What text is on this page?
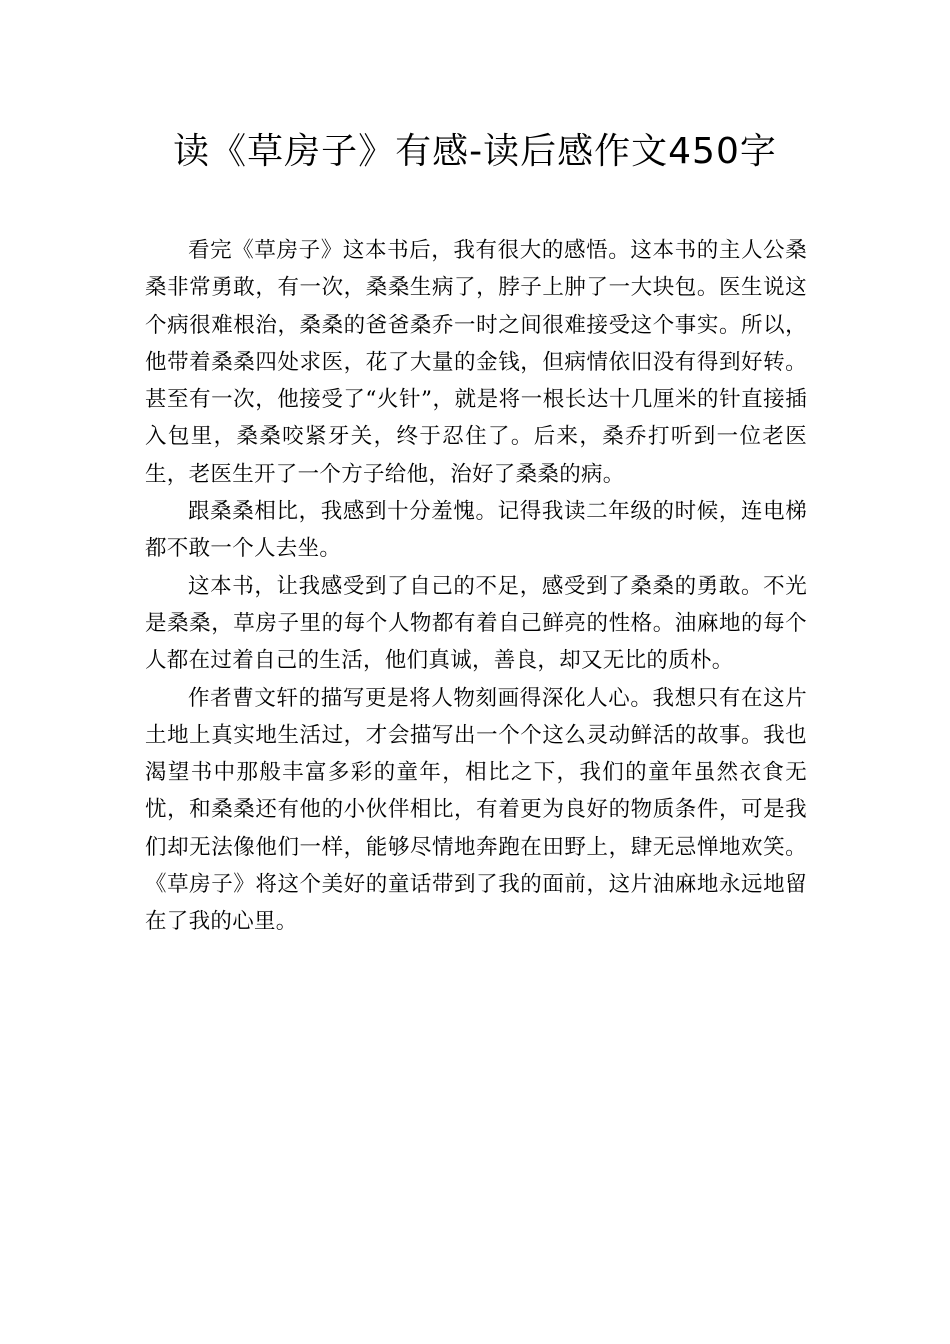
读《草房子》有感-读后感作文450字

看完《草房子》这本书后，我有很大的感悟。这本书的主人公桑桑非常勇敢，有一次，桑桑生病了，脖子上肿了一大块包。医生说这个病很难根治，桑桑的爸爸桑乔一时之间很难接受这个事实。所以，他带着桑桑四处求医，花了大量的金钱，但病情依旧没有得到好转。甚至有一次，他接受了“火针”，就是将一根长达十几厘米的针直接插入包里，桑桑咬紧牙关，终于忍住了。后来，桑乔打听到一位老医生，老医生开了一个方子给他，治好了桑桑的病。

跟桑桑相比，我感到十分羞愧。记得我读二年级的时候，连电梯都不敢一个人去坐。

这本书，让我感受到了自己的不足，感受到了桑桑的勇敢。不光是桑桑，草房子里的每个人物都有着自己鲜亮的性格。油麻地的每个人都在过着自己的生活，他们真诚，善良，却又无比的质朴。

作者曹文轩的描写更是将人物刻画得深化人心。我想只有在这片土地上真实地生活过，才会描写出一个个这么灵动鲜活的故事。我也渴望书中那般丰富多彩的童年，相比之下，我们的童年虽然衣食无忧，和桑桑还有他的小伙伴相比，有着更为良好的物质条件，可是我们却无法像他们一样，能够尽情地奔跑在田野上，肆无忌惮地欢笑。《草房子》将这个美好的童话带到了我的面前，这片油麻地永远地留在了我的心里。
